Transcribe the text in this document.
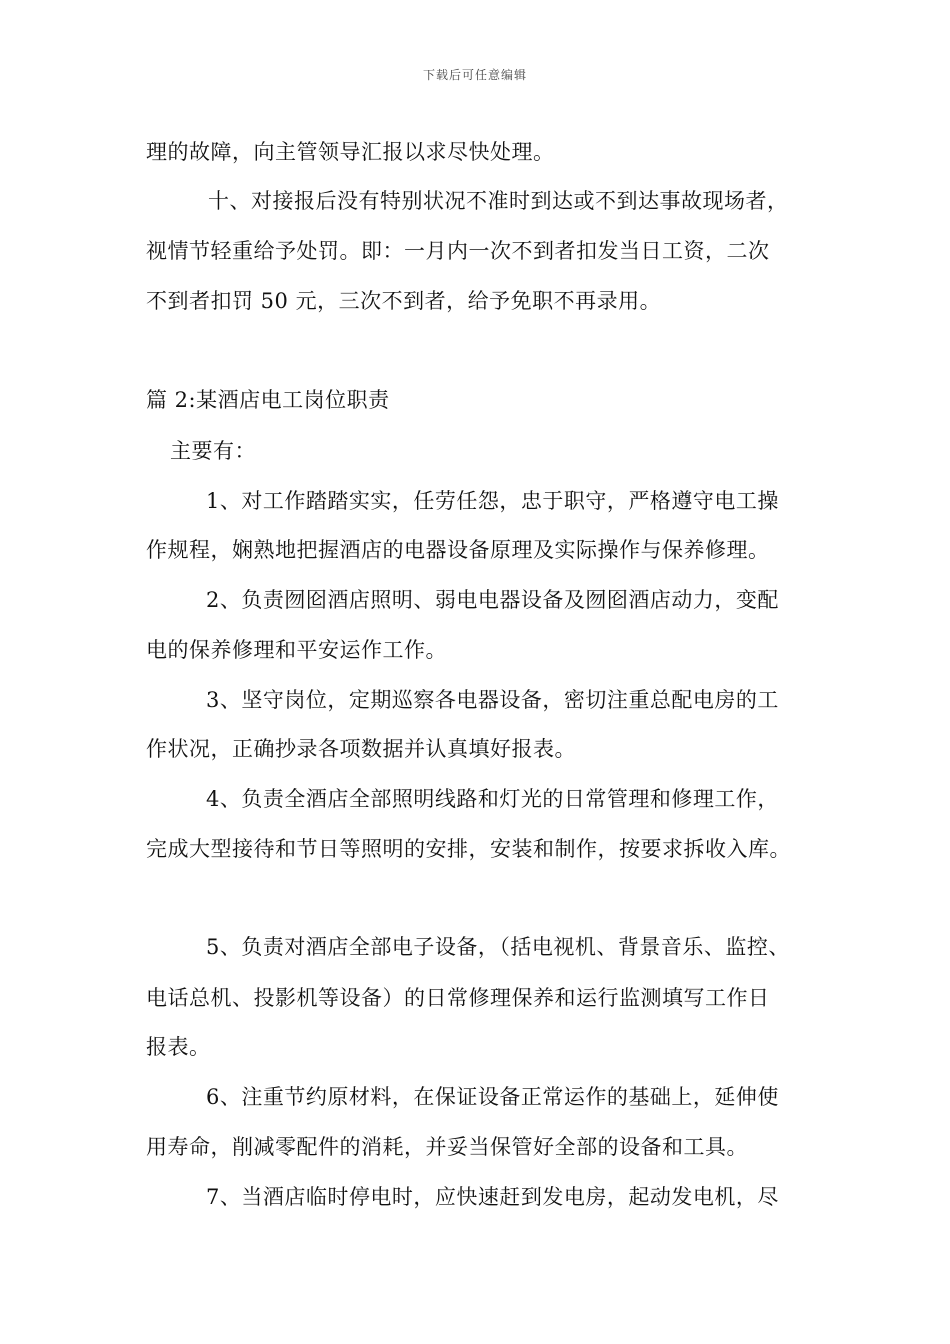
下载后可任意编辑
理的故障，向主管领导汇报以求尽快处理。
十、对接报后没有特别状况不准时到达或不到达事故现场者，
视情节轻重给予处罚。即：一月内一次不到者扣发当日工资，二次
不到者扣罚 50 元，三次不到者，给予免职不再录用。
篇 2:某酒店电工岗位职责
主要有：
1、对工作踏踏实实，任劳任怨，忠于职守，严格遵守电工操
作规程，娴熟地把握酒店的电器设备原理及实际操作与保养修理。
2、负责囫囵酒店照明、弱电电器设备及囫囵酒店动力，变配
电的保养修理和平安运作工作。
3、坚守岗位，定期巡察各电器设备，密切注重总配电房的工
作状况，正确抄录各项数据并认真填好报表。
4、负责全酒店全部照明线路和灯光的日常管理和修理工作，
完成大型接待和节日等照明的安排，安装和制作，按要求拆收入库。
5、负责对酒店全部电子设备，（括电视机、背景音乐、监控、
电话总机、投影机等设备）的日常修理保养和运行监测填写工作日
报表。
6、注重节约原材料，在保证设备正常运作的基础上，延伸使
用寿命，削减零配件的消耗，并妥当保管好全部的设备和工具。
7、当酒店临时停电时，应快速赶到发电房，起动发电机，尽
